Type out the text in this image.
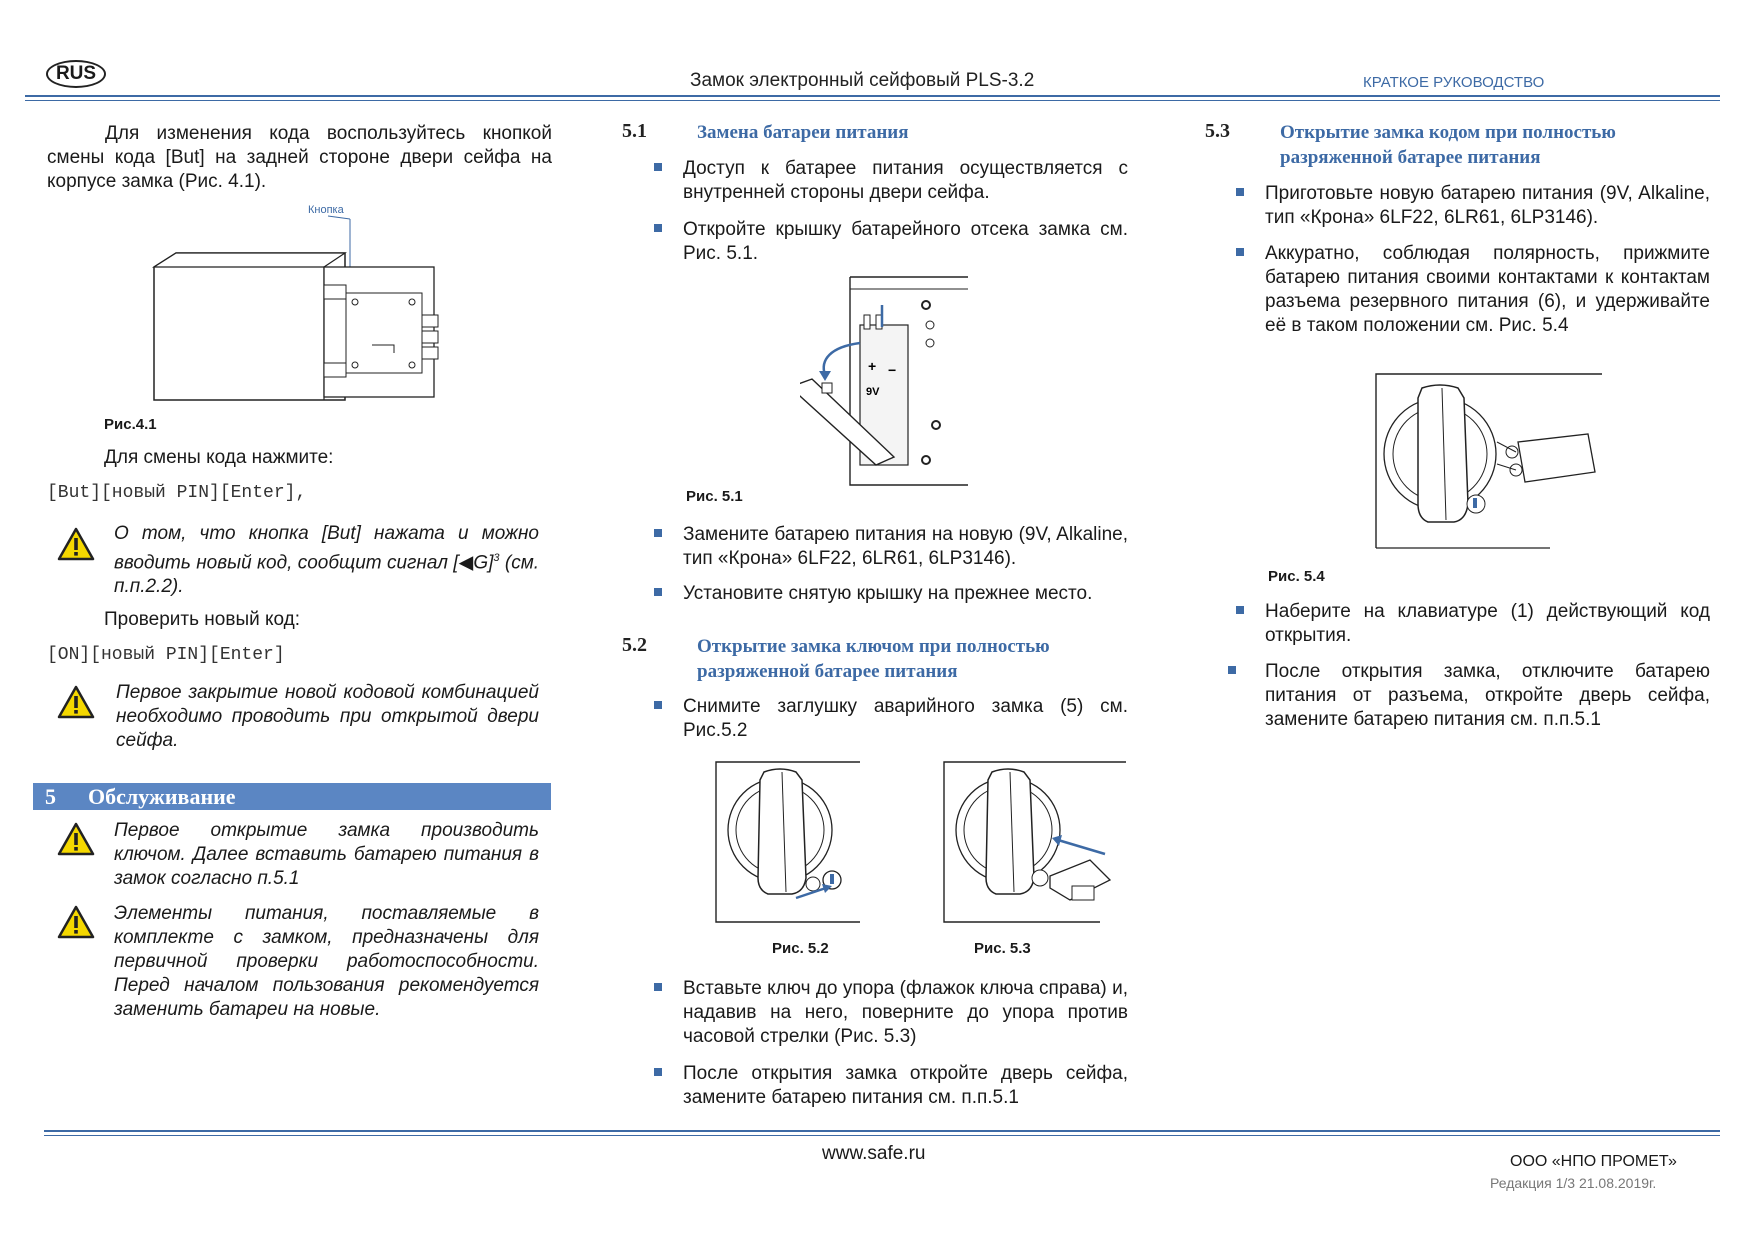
RUS	Замок электронный сейфовый PLS-3.2	КРАТКОЕ РУКОВОДСТВО

Для изменения кода воспользуйтесь кнопкой смены кода [But] на задней стороне двери сейфа на корпусе замка (Рис. 4.1).

Кнопка
Рис.4.1

Для смены кода нажмите:

[But][новый PIN][Enter],

О том, что кнопка [But] нажата и можно вводить новый код, сообщит сигнал [◀G]$^3$ (см. п.п.2.2).

Проверить новый код:

[ON][новый PIN][Enter]

Первое закрытие новой кодовой комбинацией необходимо проводить при открытой двери сейфа.

5 Обслуживание

Первое открытие замка производить ключом. Далее вставить батарею питания в замок согласно п.5.1

Элементы питания, поставляемые в комплекте с замком, предназначены для первичной проверки работоспособности. Перед началом пользования рекомендуется заменить батареи на новые.

5.1	Замена батареи питания

Доступ к батарее питания осуществляется с внутренней стороны двери сейфа.

Откройте крышку батарейного отсека замка см. Рис. 5.1.

+ −
9V
Рис. 5.1

Замените батарею питания на новую (9V, Alkaline, тип «Крона» 6LF22, 6LR61, 6LP3146).

Установите снятую крышку на прежнее место.

5.2	Открытие замка ключом при полностью разряженной батарее питания

Снимите заглушку аварийного замка (5) см. Рис.5.2

Рис. 5.2	Рис. 5.3

Вставьте ключ до упора (флажок ключа справа) и, надавив на него, поверните до упора против часовой стрелки (Рис. 5.3)

После открытия замка откройте дверь сейфа, замените батарею питания см. п.п.5.1

5.3	Открытие замка кодом при полностью разряженной батарее питания

Приготовьте новую батарею питания (9V, Alkaline, тип «Крона» 6LF22, 6LR61, 6LP3146).

Аккуратно, соблюдая полярность, прижмите батарею питания своими контактами к контактам разъема резервного питания (6), и удерживайте её в таком положении см. Рис. 5.4

Рис. 5.4

Наберите на клавиатуре (1) действующий код открытия.

После открытия замка, отключите батарею питания от разъема, откройте дверь сейфа, замените батарею питания см. п.п.5.1

www.safe.ru	ООО «НПО ПРОМЕТ»
Редакция 1/3 21.08.2019г.
